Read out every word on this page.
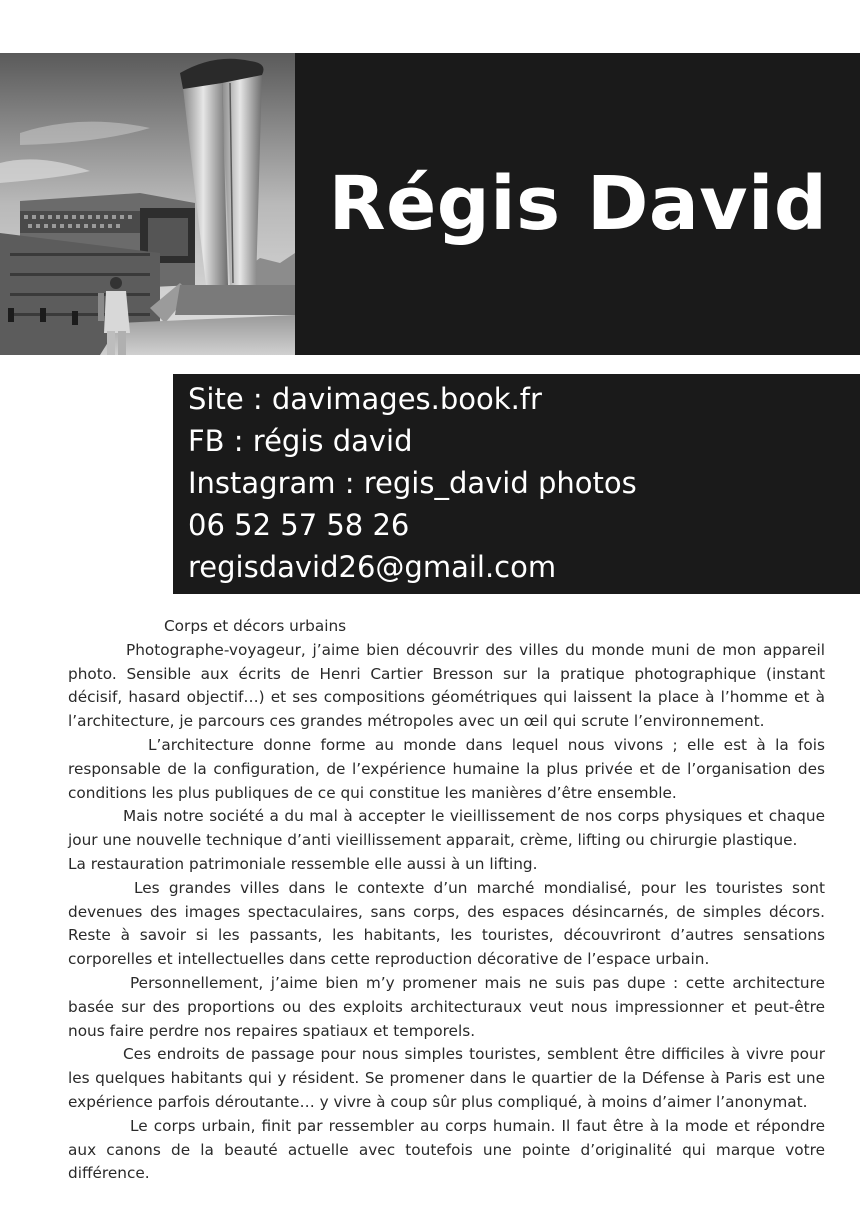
Régis David
Site : davimages.book.fr
FB : régis david
Instagram : regis_david photos
06 52 57 58 26
regisdavid26@gmail.com
Corps et décors urbains

Photographe-voyageur, j’aime bien découvrir des villes du monde muni de mon appareil photo. Sensible aux écrits de Henri Cartier Bresson sur la pratique photographique (instant décisif, hasard objectif…) et ses compositions géométriques qui laissent la place à l’homme et à l’architecture, je parcours ces grandes métropoles avec un œil qui scrute l’environnement.

L’architecture donne forme au monde dans lequel nous vivons ; elle est à la fois responsable de la configuration, de l’expérience humaine la plus privée et de l’organisation des conditions les plus publiques de ce qui constitue les manières d’être ensemble.

Mais notre société a du mal à accepter le vieillissement de nos corps physiques et chaque jour une nouvelle technique d’anti vieillissement apparait, crème, lifting ou chirurgie plastique.

La restauration patrimoniale ressemble elle aussi à un lifting.

Les grandes villes dans le contexte d’un marché mondialisé, pour les touristes sont devenues des images spectaculaires, sans corps, des espaces désincarnés, de simples décors. Reste à savoir si les passants, les habitants, les touristes, découvriront d’autres sensations corporelles et intellectuelles dans cette reproduction décorative de l’espace urbain.

Personnellement, j’aime bien m’y promener mais ne suis pas dupe : cette architecture basée sur des proportions ou des exploits architecturaux veut nous impressionner et peut-être nous faire perdre nos repaires spatiaux et temporels.

Ces endroits de passage pour nous simples touristes, semblent être difficiles à vivre pour les quelques habitants qui y résident. Se promener dans le quartier de la Défense à Paris est une expérience parfois déroutante… y vivre à coup sûr plus compliqué, à moins d’aimer l’anonymat.

Le corps urbain, finit par ressembler au corps humain. Il faut être à la mode et répondre aux canons de la beauté actuelle avec toutefois une pointe d’originalité qui marque votre différence.
